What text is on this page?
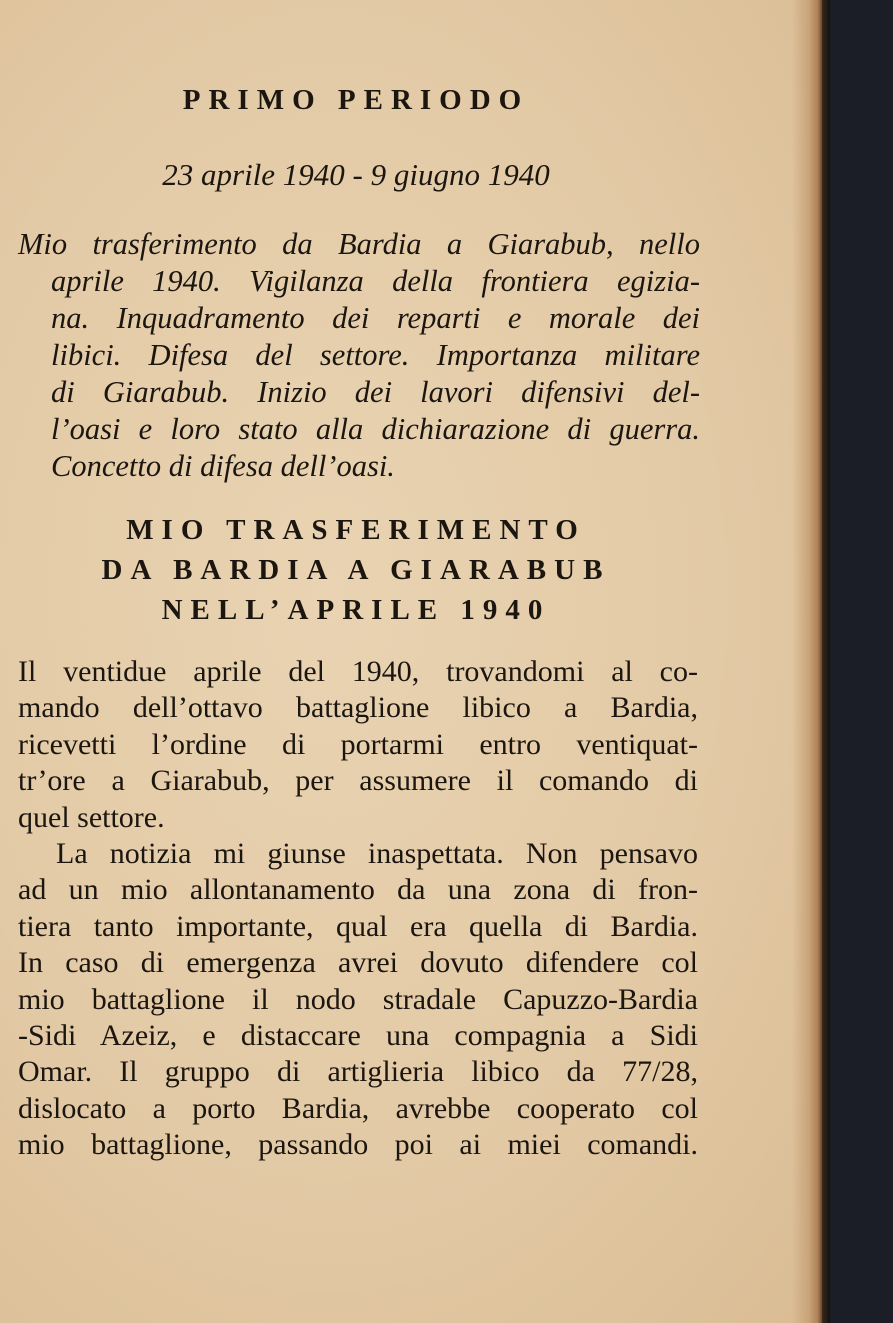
PRIMO PERIODO
23 aprile 1940 - 9 giugno 1940
Mio trasferimento da Bardia a Giarabub, nello
aprile 1940. Vigilanza della frontiera egizia-
na. Inquadramento dei reparti e morale dei
libici. Difesa del settore. Importanza militare
di Giarabub. Inizio dei lavori difensivi del-
l’oasi e loro stato alla dichiarazione di guerra.
Concetto di difesa dell’oasi.
MIO TRASFERIMENTO
DA BARDIA A GIARABUB
NELL’APRILE 1940
Il ventidue aprile del 1940, trovandomi al co-
mando dell’ottavo battaglione libico a Bardia,
ricevetti l’ordine di portarmi entro ventiquat-
tr’ore a Giarabub, per assumere il comando di
quel settore.
La notizia mi giunse inaspettata. Non pensavo
ad un mio allontanamento da una zona di fron-
tiera tanto importante, qual era quella di Bardia.
In caso di emergenza avrei dovuto difendere col
mio battaglione il nodo stradale Capuzzo-Bardia
-Sidi Azeiz, e distaccare una compagnia a Sidi
Omar. Il gruppo di artiglieria libico da 77/28,
dislocato a porto Bardia, avrebbe cooperato col
mio battaglione, passando poi ai miei comandi.
